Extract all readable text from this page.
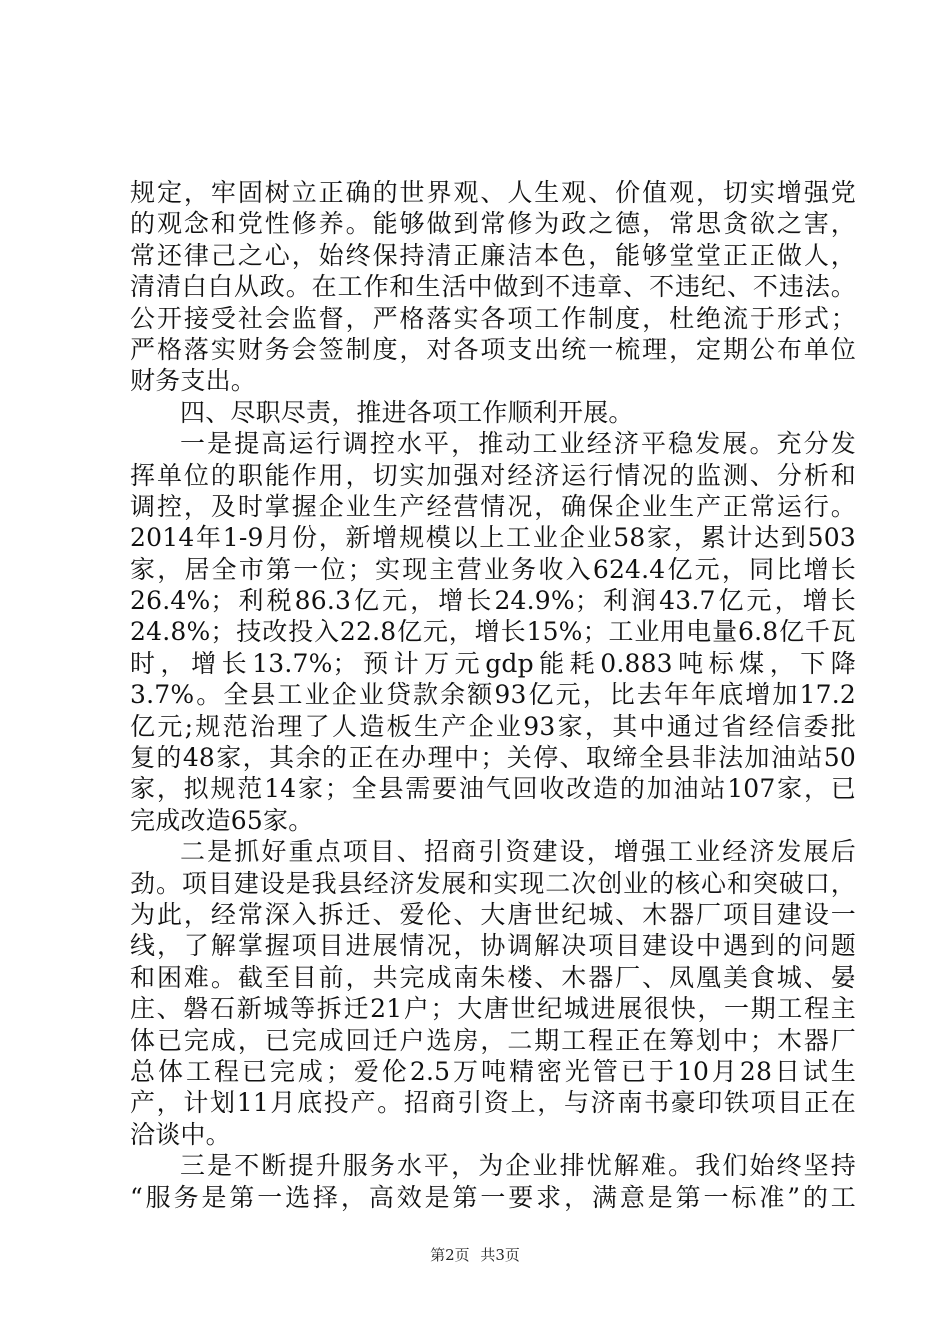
规定，牢固树立正确的世界观、人生观、价值观，切实增强党
的观念和党性修养。能够做到常修为政之德，常思贪欲之害，
常还律己之心，始终保持清正廉洁本色，能够堂堂正正做人，
清清白白从政。在工作和生活中做到不违章、不违纪、不违法。
公开接受社会监督，严格落实各项工作制度，杜绝流于形式；
严格落实财务会签制度，对各项支出统一梳理，定期公布单位
财务支出。
四、尽职尽责，推进各项工作顺利开展。
一是提高运行调控水平，推动工业经济平稳发展。充分发
挥单位的职能作用，切实加强对经济运行情况的监测、分析和
调控，及时掌握企业生产经营情况，确保企业生产正常运行。
2014年1-9月份，新增规模以上工业企业58家，累计达到503
家，居全市第一位；实现主营业务收入624.4亿元，同比增长
26.4%；利税86.3亿元，增长24.9%；利润43.7亿元，增长
24.8%；技改投入22.8亿元，增长15%；工业用电量6.8亿千瓦
时，增长13.7%；预计万元gdp能耗0.883吨标煤，下降
3.7%。全县工业企业贷款余额93亿元，比去年年底增加17.2
亿元;规范治理了人造板生产企业93家，其中通过省经信委批
复的48家，其余的正在办理中；关停、取缔全县非法加油站50
家，拟规范14家；全县需要油气回收改造的加油站107家，已
完成改造65家。
二是抓好重点项目、招商引资建设，增强工业经济发展后
劲。项目建设是我县经济发展和实现二次创业的核心和突破口，
为此，经常深入拆迁、爱伦、大唐世纪城、木器厂项目建设一
线，了解掌握项目进展情况，协调解决项目建设中遇到的问题
和困难。截至目前，共完成南朱楼、木器厂、凤凰美食城、晏
庄、磐石新城等拆迁21户；大唐世纪城进展很快，一期工程主
体已完成，已完成回迁户选房，二期工程正在筹划中；木器厂
总体工程已完成；爱伦2.5万吨精密光管已于10月28日试生
产，计划11月底投产。招商引资上，与济南书豪印铁项目正在
洽谈中。
三是不断提升服务水平，为企业排忧解难。我们始终坚持
“服务是第一选择，高效是第一要求，满意是第一标准”的工
第2页 共3页
